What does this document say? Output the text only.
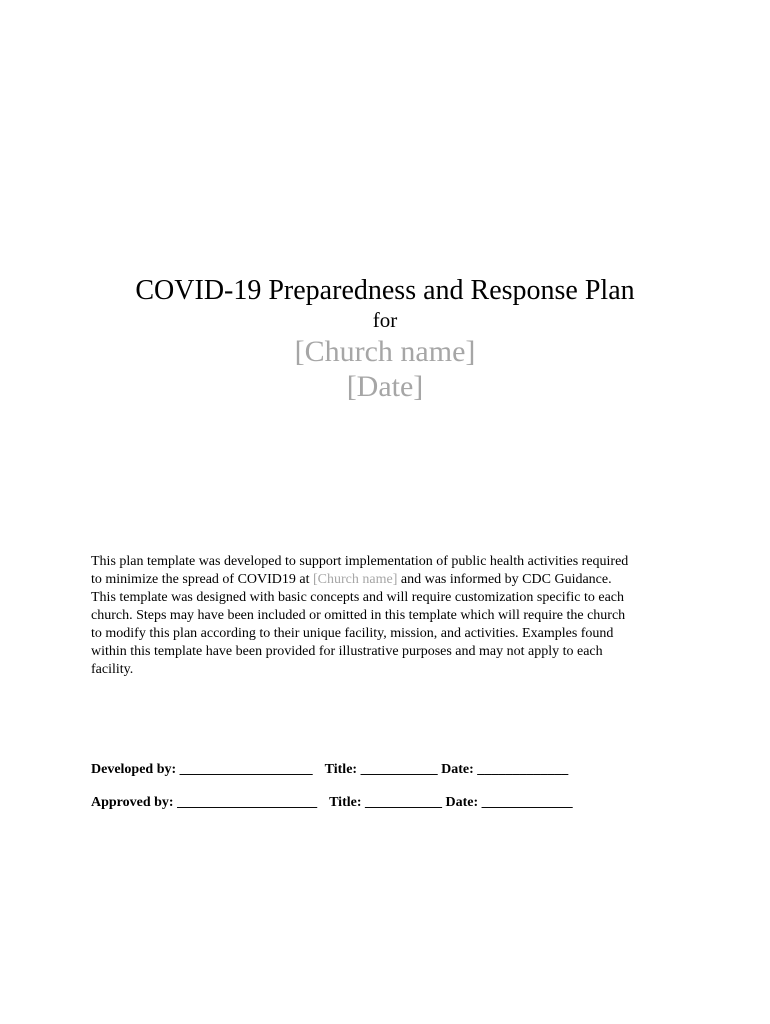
COVID-19 Preparedness and Response Plan
for
[Church name]
[Date]
This plan template was developed to support implementation of public health activities required
to minimize the spread of COVID19 at [Church name] and was informed by CDC Guidance.
This template was designed with basic concepts and will require customization specific to each
church. Steps may have been included or omitted in this template which will require the church
to modify this plan according to their unique facility, mission, and activities. Examples found
within this template have been provided for illustrative purposes and may not apply to each
facility.
Developed by: ___________________ Title: ___________ Date: _____________
Approved by: ____________________ Title: ___________ Date: _____________
